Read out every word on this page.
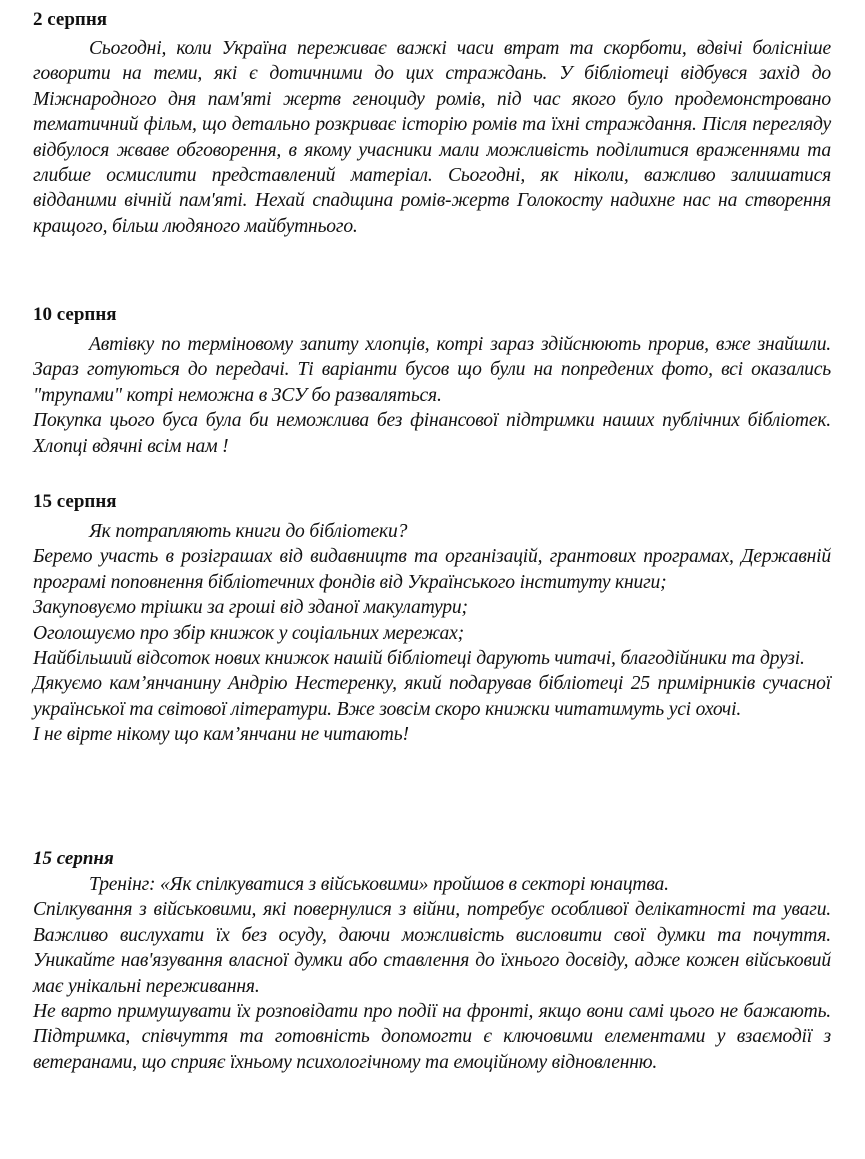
2 серпня

Сьогодні, коли Україна переживає важкі часи втрат та скорботи, вдвічі болісніше говорити на теми, які є дотичними до цих страждань. У бібліотеці відбувся захід до Міжнародного дня пам'яті жертв геноциду ромів, під час якого було продемонстровано тематичний фільм, що детально розкриває історію ромів та їхні страждання. Після перегляду відбулося жваве обговорення, в якому учасники мали можливість поділитися враженнями та глибше осмислити представлений матеріал. Сьогодні, як ніколи, важливо залишатися відданими вічній пам'яті. Нехай спадщина ромів-жертв Голокосту надихне нас на створення кращого, більш людяного майбутнього.

10 серпня

Автівку по терміновому запиту хлопців, котрі зараз здійснюють прорив, вже знайшли. Зараз готуються до передачі. Ті варіанти бусов що були на попредених фото, всі оказались "трупами" котрі неможна в ЗСУ бо разваляться.

Покупка цього буса була би неможлива без фінансової підтримки наших публічних бібліотек. Хлопці вдячні всім нам !

15 серпня

Як потрапляють книги до бібліотеки?

Беремо участь в розіграшах від видавництв та організацій, грантових програмах, Державній програмі поповнення бібліотечних фондів від Українського інституту книги;

Закуповуємо трішки за гроші від зданої макулатури;

Оголошуємо про збір книжок у соціальних мережах;

Найбільший відсоток нових книжок нашій бібліотеці дарують читачі, благодійники та друзі.

Дякуємо кам’янчанину Андрію Нестеренку, який подарував бібліотеці 25 примірників сучасної української та світової літератури. Вже зовсім скоро книжки читатимуть усі охочі.

І не вірте нікому що кам’янчани не читають!

15 серпня

Тренінг: «Як спілкуватися з військовими» пройшов в секторі юнацтва.

Спілкування з військовими, які повернулися з війни, потребує особливої делікатності та уваги. Важливо вислухати їх без осуду, даючи можливість висловити свої думки та почуття. Уникайте нав'язування власної думки або ставлення до їхнього досвіду, адже кожен військовий має унікальні переживання.

Не варто примушувати їх розповідати про події на фронті, якщо вони самі цього не бажають. Підтримка, співчуття та готовність допомогти є ключовими елементами у взаємодії з ветеранами, що сприяє їхньому психологічному та емоційному відновленню.
